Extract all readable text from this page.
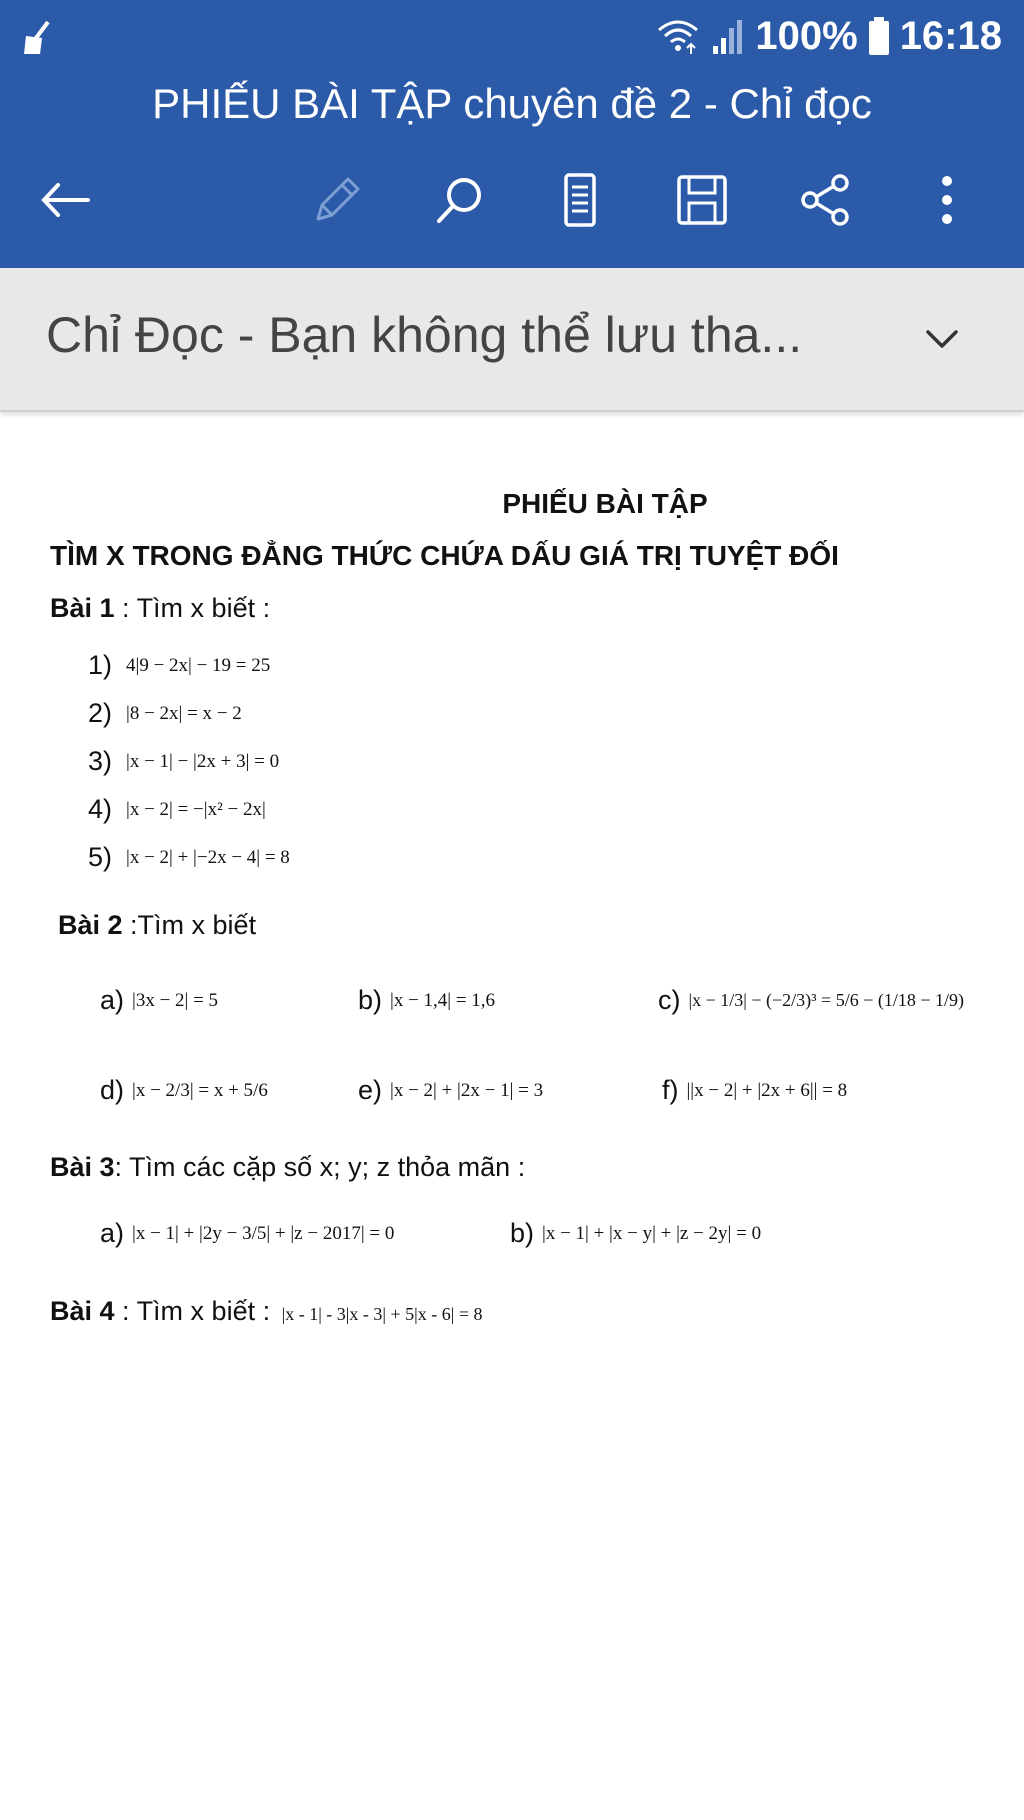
100% 16:18
PHIẾU BÀI TẬP chuyên đề 2 - Chỉ đọc
Chỉ Đọc - Bạn không thể lưu tha...
PHIẾU BÀI TẬP
TÌM X TRONG ĐẲNG THỨC CHỨA DẤU GIÁ TRỊ TUYỆT ĐỐI
Bài 1 : Tìm x biết :
1) 4|9 − 2x| − 19 = 25
2) |8 − 2x| = x − 2
3) |x − 1| − |2x + 3| = 0
4) |x − 2| = −|x² − 2x|
5) |x − 2| + |−2x − 4| = 8
Bài 2 :Tìm x biết
a) |3x − 2| = 5	b) |x − 1,4| = 1,6	c) |x − 1/3| − (−2/3)³ = 5/6 − (1/18 − 1/9)
d) |x − 2/3| = x + 5/6	e) |x − 2| + |2x − 1| = 3	f) ||x − 2| + |2x + 6|| = 8
Bài 3: Tìm các cặp số x; y; z thỏa mãn :
a) |x − 1| + |2y − 3/5| + |z − 2017| = 0	b) |x − 1| + |x − y| + |z − 2y| = 0
Bài 4 : Tìm x biết : |x - 1| - 3|x - 3| + 5|x - 6| = 8
